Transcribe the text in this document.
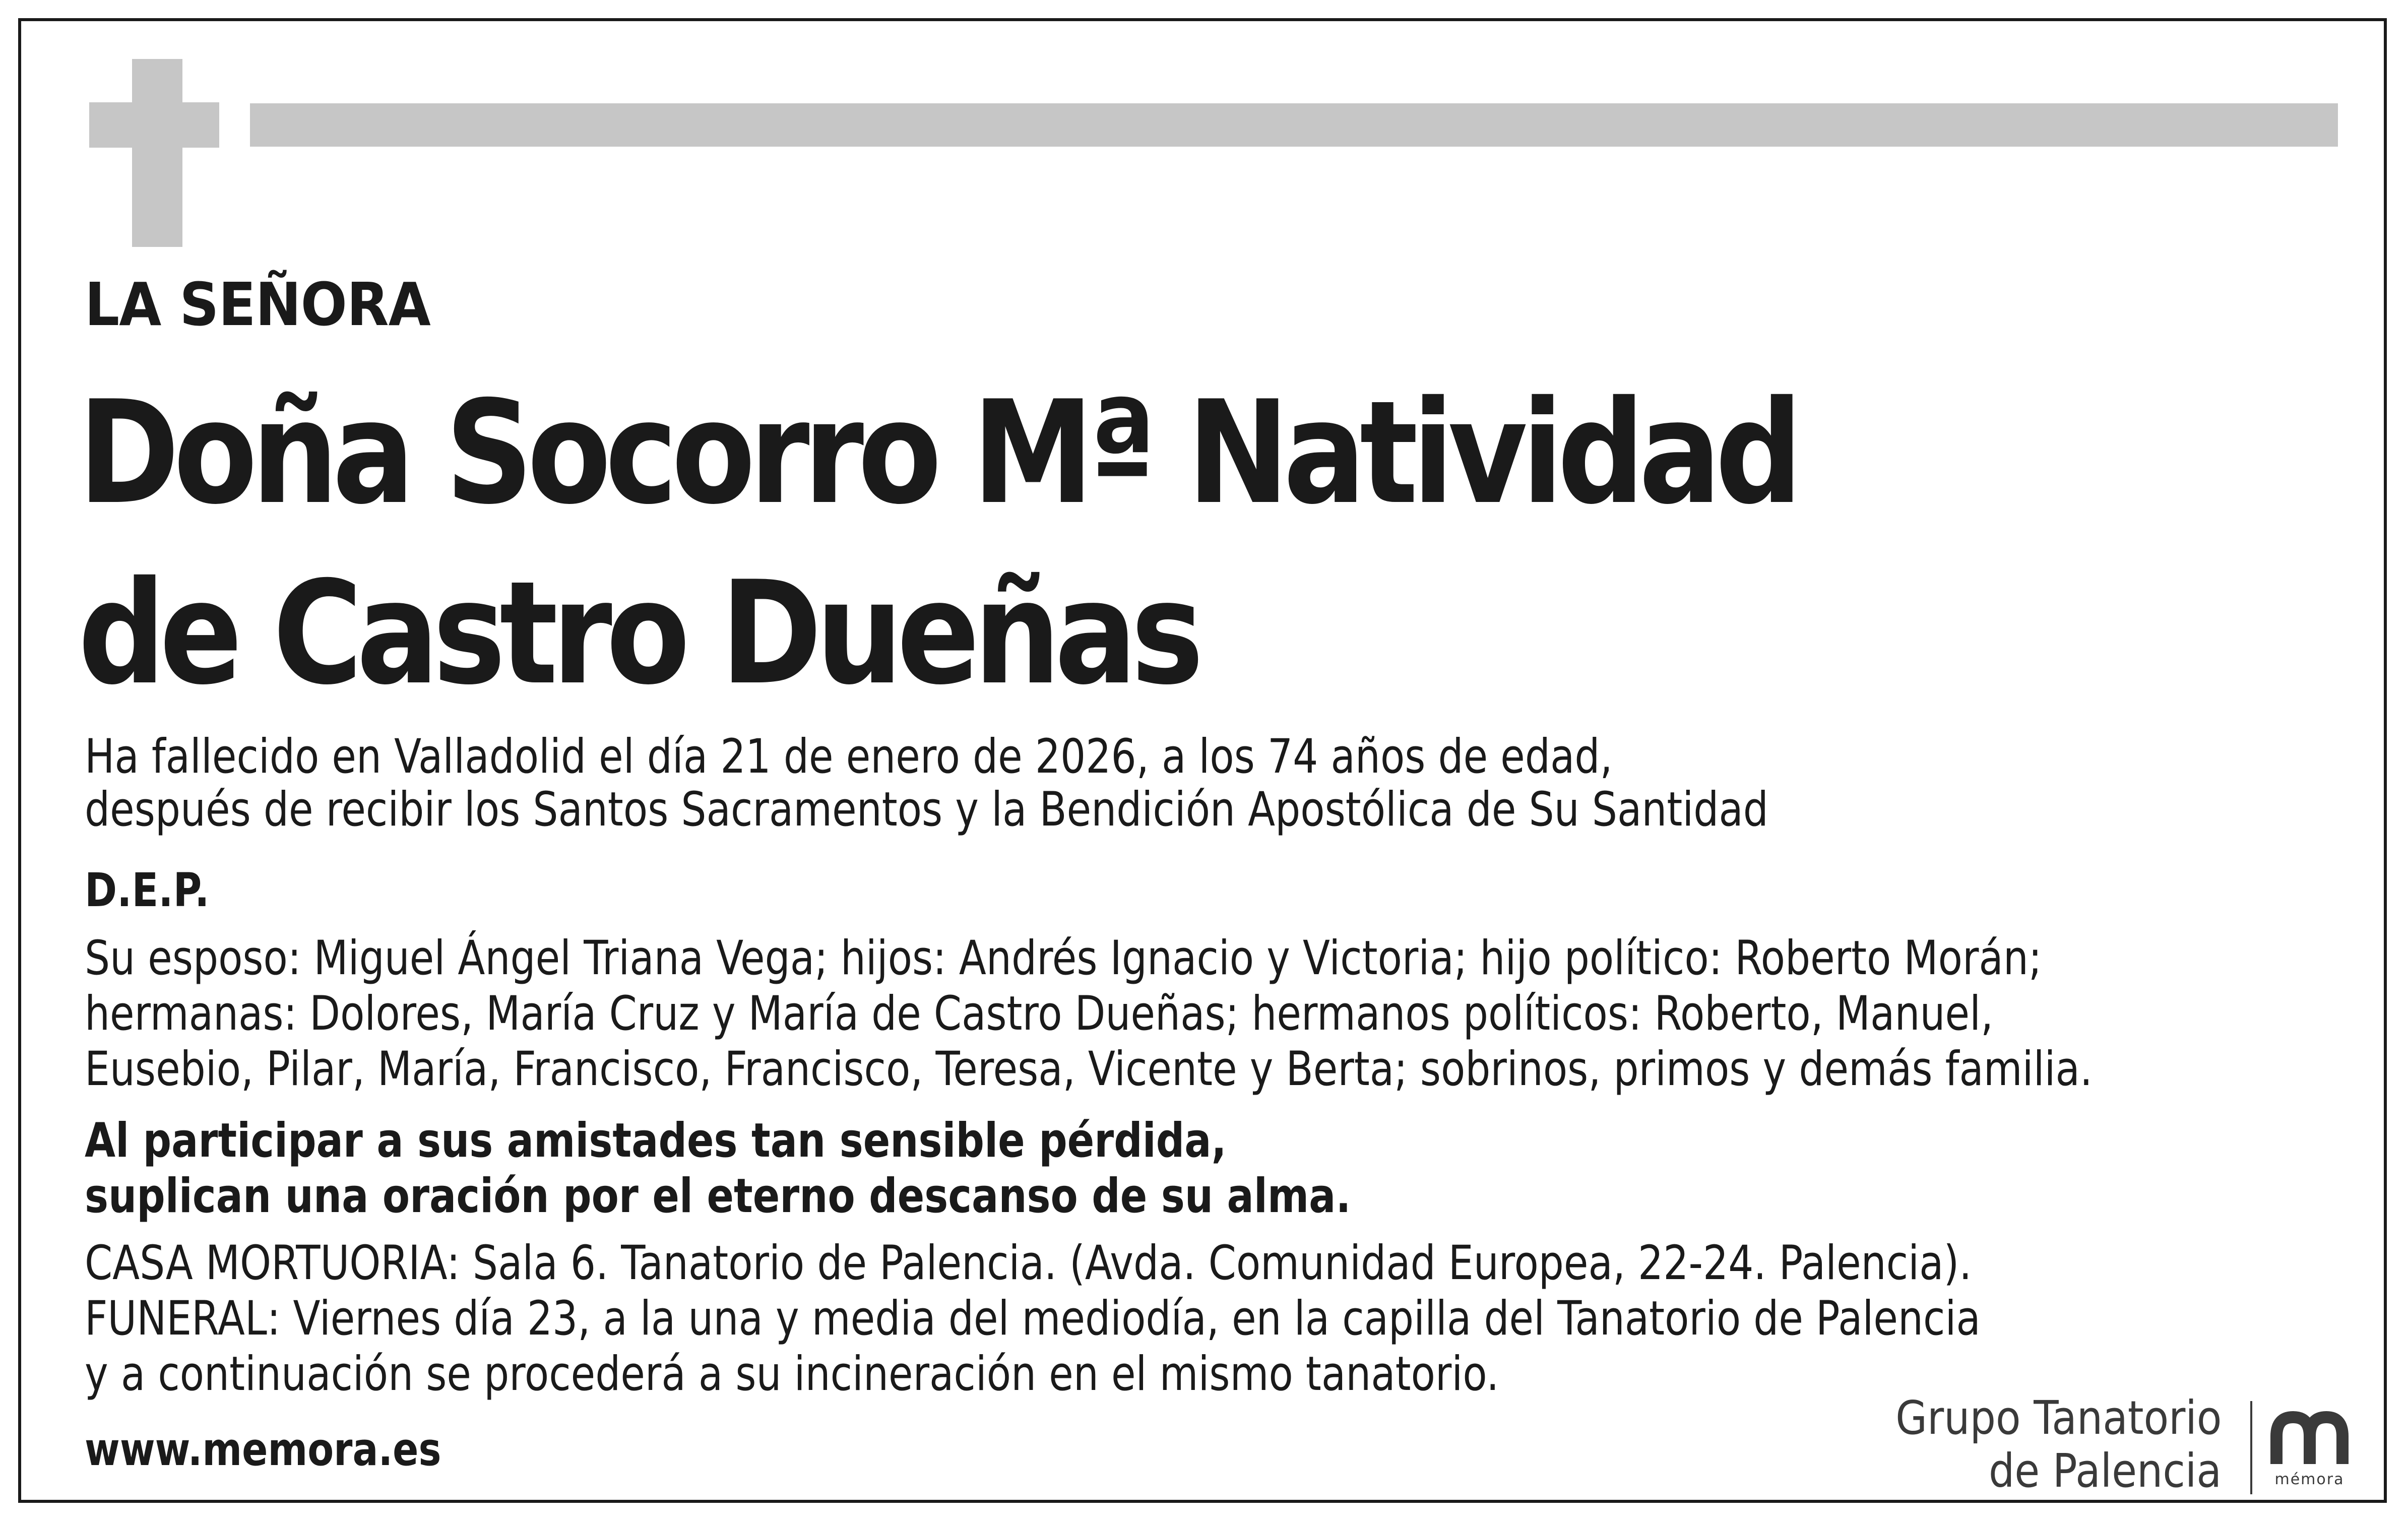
LA SEÑORA
Doña Socorro Mª Natividad
de Castro Dueñas
Ha fallecido en Valladolid el día 21 de enero de 2026, a los 74 años de edad,
después de recibir los Santos Sacramentos y la Bendición Apostólica de Su Santidad
D.E.P.
Su esposo: Miguel Ángel Triana Vega; hijos: Andrés Ignacio y Victoria; hijo político: Roberto Morán;
hermanas: Dolores, María Cruz y María de Castro Dueñas; hermanos políticos: Roberto, Manuel,
Eusebio, Pilar, María, Francisco, Francisco, Teresa, Vicente y Berta; sobrinos, primos y demás familia.
Al participar a sus amistades tan sensible pérdida,
suplican una oración por el eterno descanso de su alma.
CASA MORTUORIA: Sala 6. Tanatorio de Palencia. (Avda. Comunidad Europea, 22-24. Palencia).
FUNERAL: Viernes día 23, a la una y media del mediodía, en la capilla del Tanatorio de Palencia
y a continuación se procederá a su incineración en el mismo tanatorio.
www.memora.es
Grupo Tanatorio
de Palencia	mémora
